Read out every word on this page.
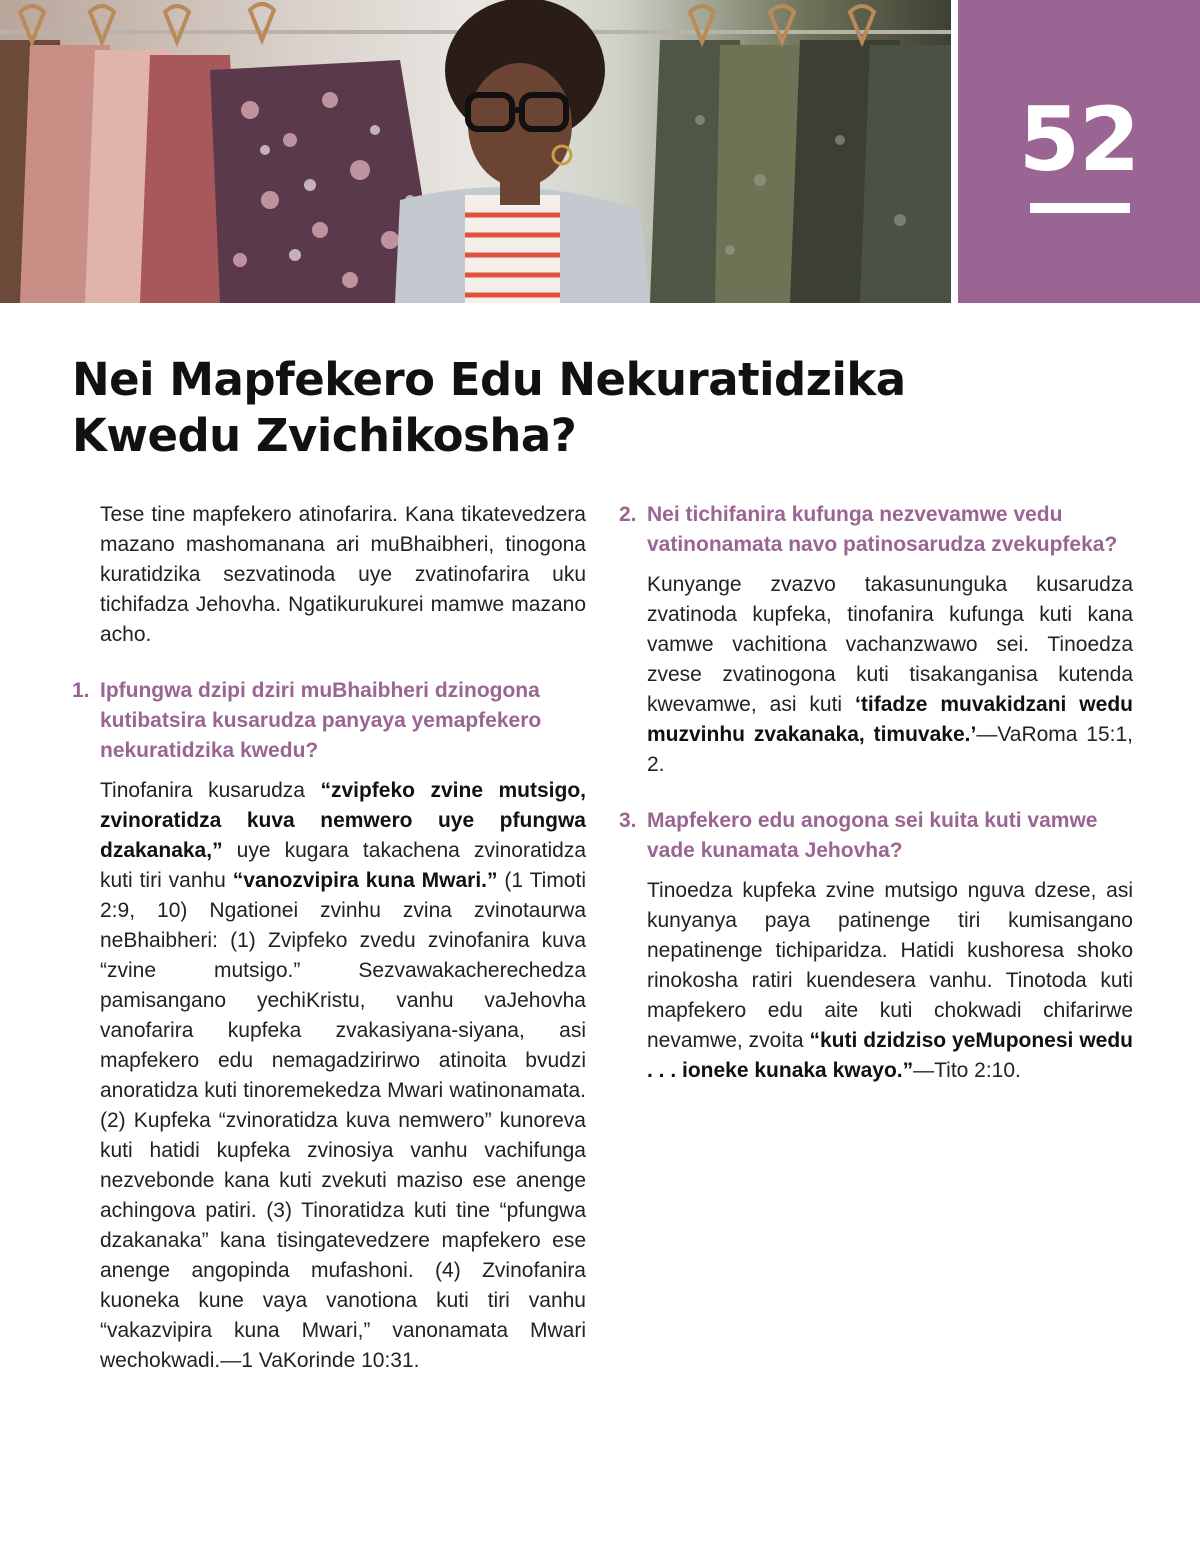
52
Nei Mapfekero Edu Nekuratidzika Kwedu Zvichikosha?

Tese tine mapfekero atinofarira. Kana tikatevedzera mazano mashomanana ari muBhaibheri, tinogona kuratidzika sezvatinoda uye zvatinofarira uku tichifadza Jehovha. Ngatikurukurei mamwe mazano acho.

1. Ipfungwa dzipi dziri muBhaibheri dzinogona kutibatsira kusarudza panyaya yemapfekero nekuratidzika kwedu?

Tinofanira kusarudza “zvipfeko zvine mutsigo, zvinoratidza kuva nemwero uye pfungwa dzakanaka,” uye kugara takachena zvinoratidza kuti tiri vanhu “vanozvipira kuna Mwari.” (1 Timoti 2:9, 10) Ngationei zvinhu zvina zvinotaurwa neBhaibheri: (1) Zvipfeko zvedu zvinofanira kuva “zvine mutsigo.” Sezvawakacherechedza pamisangano yechiKristu, vanhu vaJehovha vanofarira kupfeka zvakasiyana-siyana, asi mapfekero edu nemagadzirirwo atinoita bvudzi anoratidza kuti tinoremekedza Mwari watinonamata. (2) Kupfeka “zvinoratidza kuva nemwero” kunoreva kuti hatidi kupfeka zvinosiya vanhu vachifunga nezvebonde kana kuti zvekuti maziso ese anenge achingova patiri. (3) Tinoratidza kuti tine “pfungwa dzakanaka” kana tisingatevedzere mapfekero ese anenge angopinda mufashoni. (4) Zvinofanira kuoneka kune vaya vanotiona kuti tiri vanhu “vakazvipira kuna Mwari,” vanonamata Mwari wechokwadi.—1 VaKorinde 10:31.

2. Nei tichifanira kufunga nezvevamwe vedu vatinonamata navo patinosarudza zvekupfeka?

Kunyange zvazvo takasununguka kusarudza zvatinoda kupfeka, tinofanira kufunga kuti kana vamwe vachitiona vachanzwawo sei. Tinoedza zvese zvatinogona kuti tisakanganisa kutenda kwevamwe, asi kuti ‘tifadze muvakidzani wedu muzvinhu zvakanaka, timuvake.’—VaRoma 15:1, 2.

3. Mapfekero edu anogona sei kuita kuti vamwe vade kunamata Jehovha?

Tinoedza kupfeka zvine mutsigo nguva dzese, asi kunyanya paya patinenge tiri kumisangano nepatinenge tichiparidza. Hatidi kushoresa shoko rinokosha ratiri kuendesera vanhu. Tinotoda kuti mapfekero edu aite kuti chokwadi chifarirwe nevamwe, zvoita “kuti dzidziso yeMuponesi wedu . . . ioneke kunaka kwayo.”—Tito 2:10.
